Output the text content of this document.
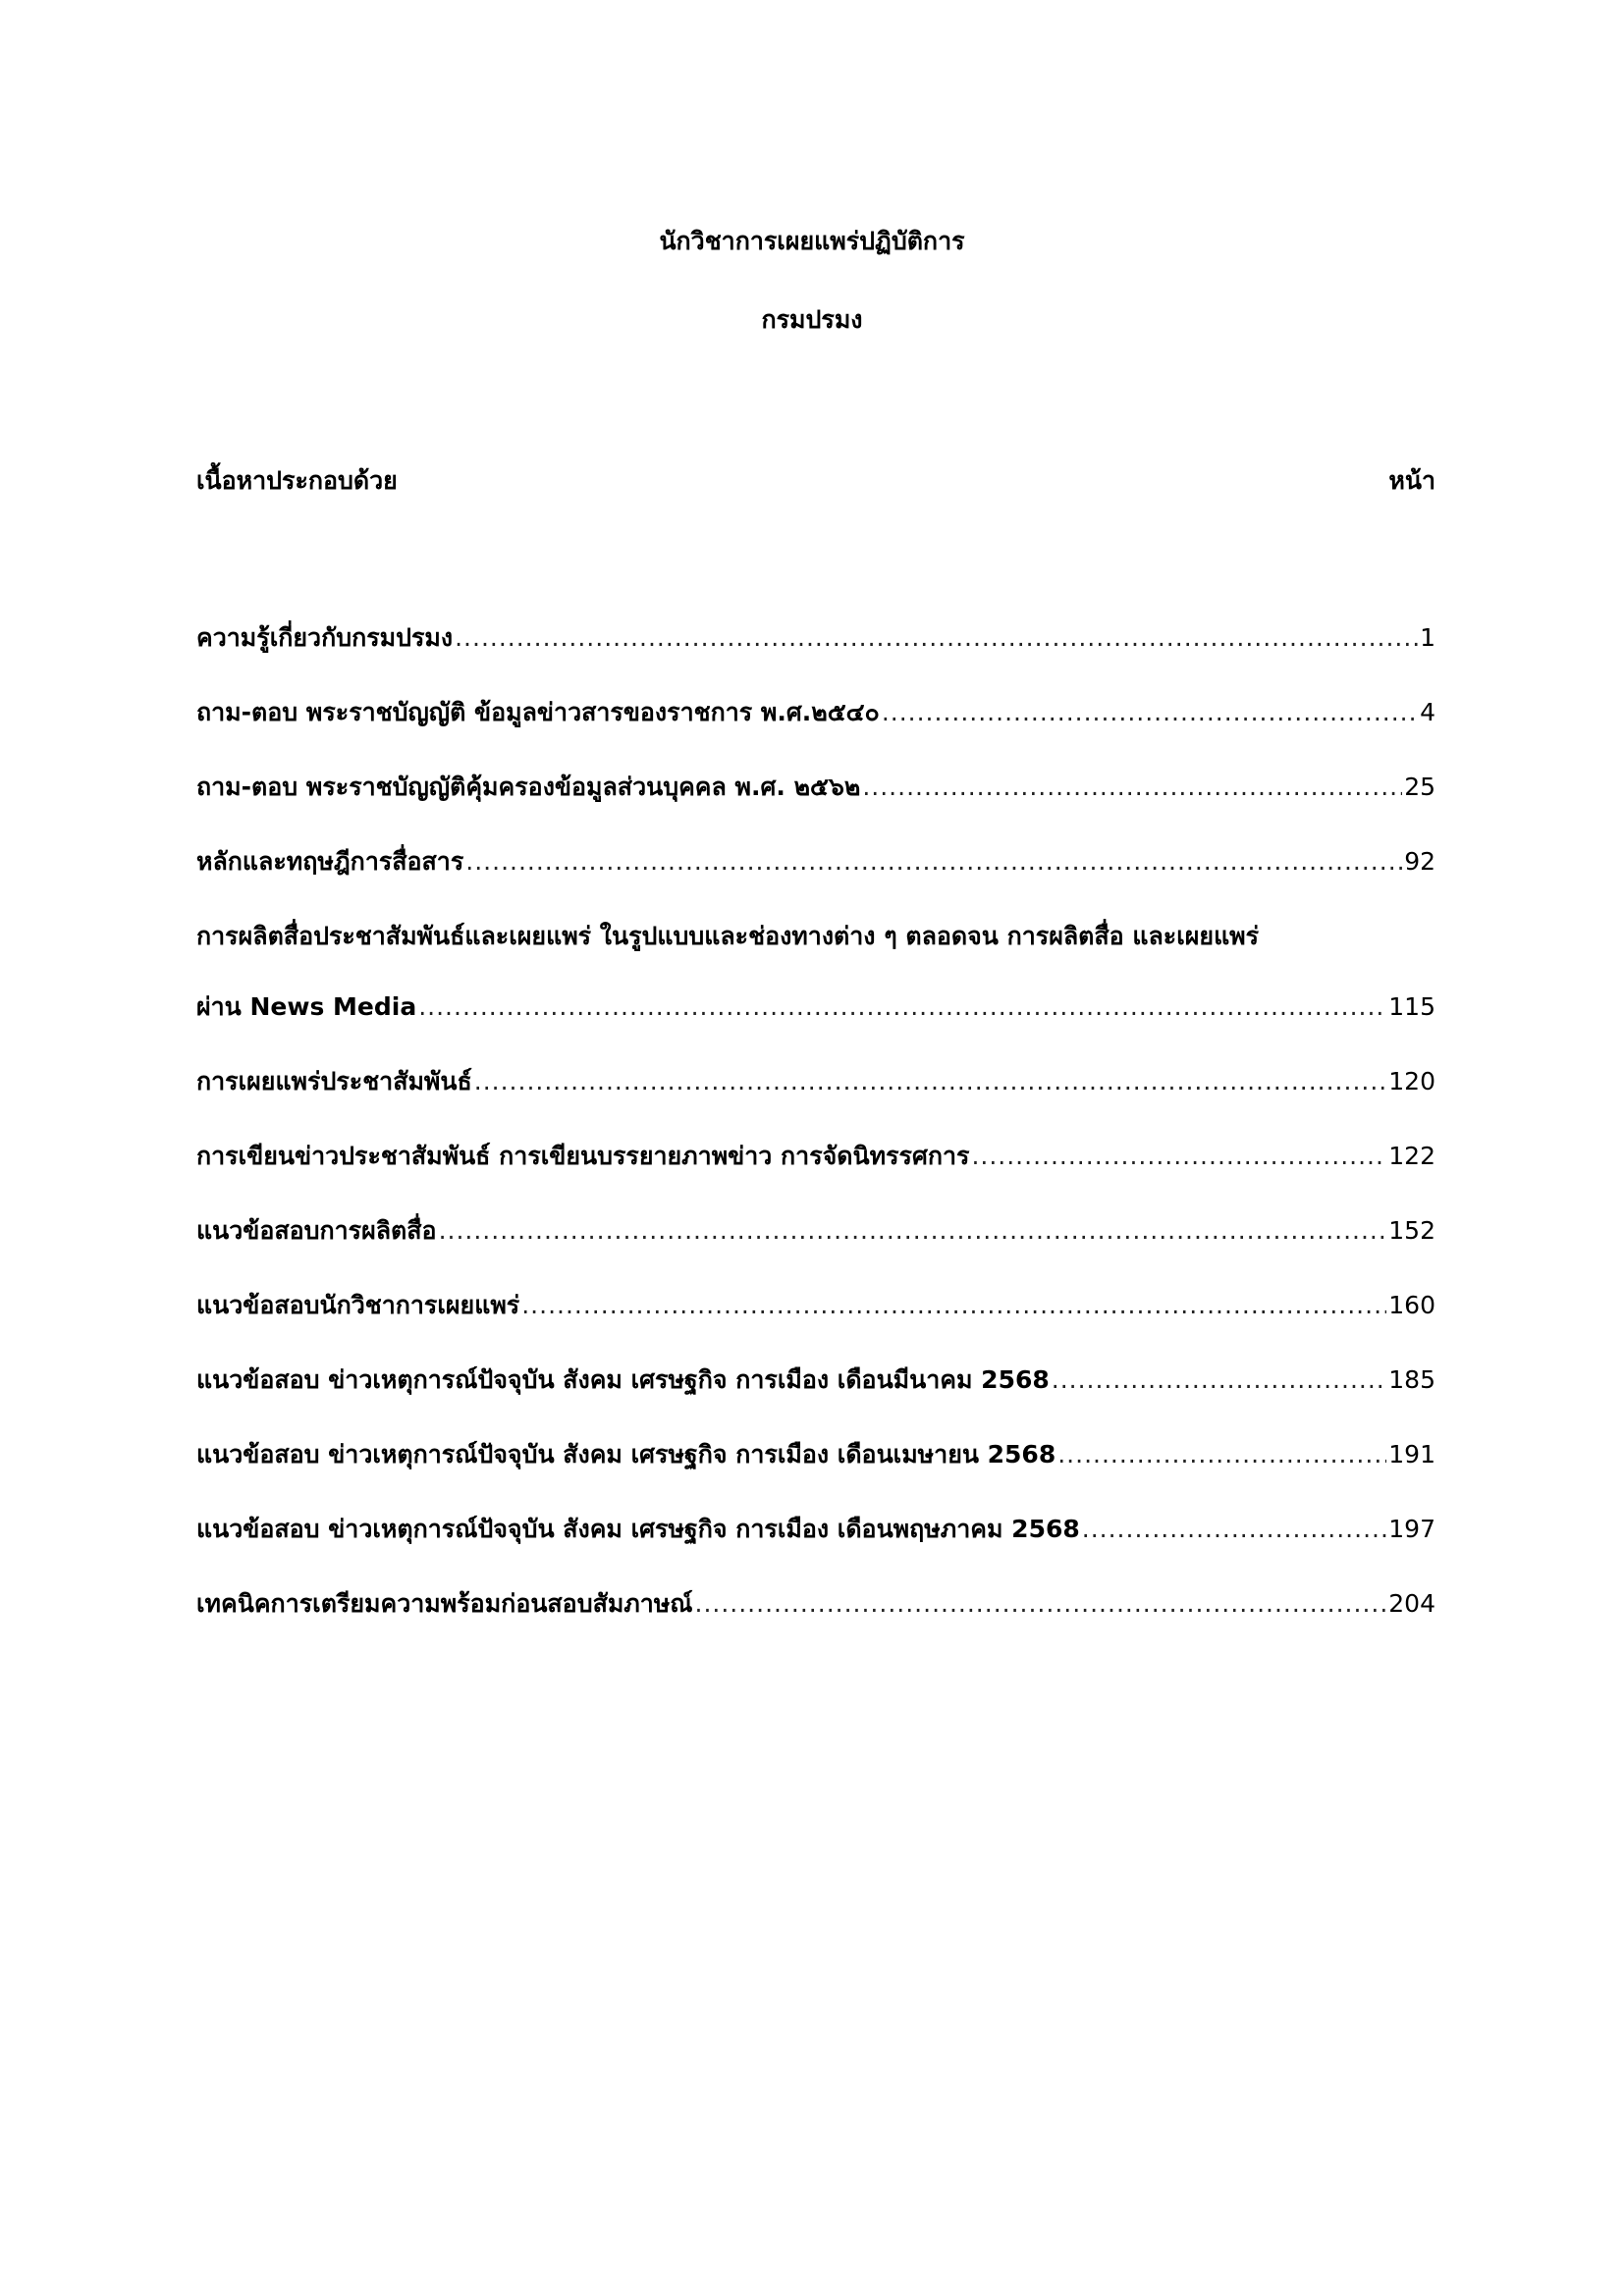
นักวิชาการเผยแพร่ปฏิบัติการ
กรมปรมง
เนื้อหาประกอบด้วย	หน้า
ความรู้เกี่ยวกับกรมปรมง .....	1
ถาม-ตอบ พระราชบัญญัติ ข้อมูลข่าวสารของราชการ พ.ศ.๒๕๔๐ .....	4
ถาม-ตอบ พระราชบัญญัติคุ้มครองข้อมูลส่วนบุคคล พ.ศ. ๒๕๖๒ .....	25
หลักและทฤษฎีการสื่อสาร .....	92
การผลิตสื่อประชาสัมพันธ์และเผยแพร่ ในรูปแบบและช่องทางต่าง ๆ ตลอดจน การผลิตสื่อ และเผยแพร่
ผ่าน News Media .....	115
การเผยแพร่ประชาสัมพันธ์ .....	120
การเขียนข่าวประชาสัมพันธ์ การเขียนบรรยายภาพข่าว การจัดนิทรรศการ .....	122
แนวข้อสอบการผลิตสื่อ .....	152
แนวข้อสอบนักวิชาการเผยแพร่ .....	160
แนวข้อสอบ ข่าวเหตุการณ์ปัจจุบัน สังคม เศรษฐกิจ การเมือง เดือนมีนาคม 2568 .....	185
แนวข้อสอบ ข่าวเหตุการณ์ปัจจุบัน สังคม เศรษฐกิจ การเมือง เดือนเมษายน 2568 .....	191
แนวข้อสอบ ข่าวเหตุการณ์ปัจจุบัน สังคม เศรษฐกิจ การเมือง เดือนพฤษภาคม 2568 .....	197
เทคนิคการเตรียมความพร้อมก่อนสอบสัมภาษณ์ .....	204
